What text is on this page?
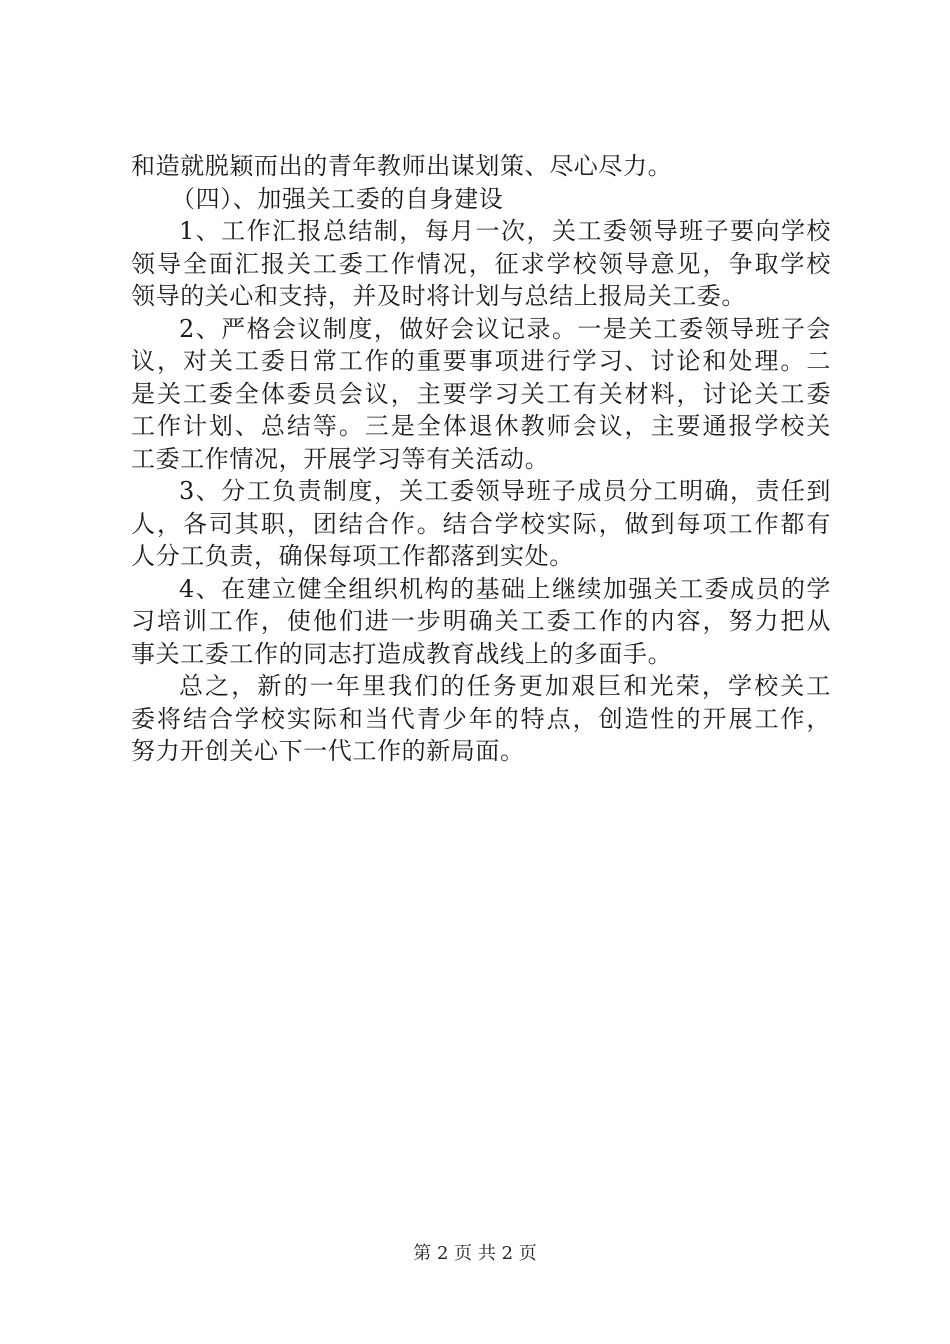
和造就脱颖而出的青年教师出谋划策、尽心尽力。
（四）、加强关工委的自身建设
1、工作汇报总结制，每月一次，关工委领导班子要向学校
领导全面汇报关工委工作情况，征求学校领导意见，争取学校
领导的关心和支持，并及时将计划与总结上报局关工委。
2、严格会议制度，做好会议记录。一是关工委领导班子会
议，对关工委日常工作的重要事项进行学习、讨论和处理。二
是关工委全体委员会议，主要学习关工有关材料，讨论关工委
工作计划、总结等。三是全体退休教师会议，主要通报学校关
工委工作情况，开展学习等有关活动。
3、分工负责制度，关工委领导班子成员分工明确，责任到
人，各司其职，团结合作。结合学校实际，做到每项工作都有
人分工负责，确保每项工作都落到实处。
4、在建立健全组织机构的基础上继续加强关工委成员的学
习培训工作，使他们进一步明确关工委工作的内容，努力把从
事关工委工作的同志打造成教育战线上的多面手。
总之，新的一年里我们的任务更加艰巨和光荣，学校关工
委将结合学校实际和当代青少年的特点，创造性的开展工作，
努力开创关心下一代工作的新局面。
第 2 页 共 2 页
